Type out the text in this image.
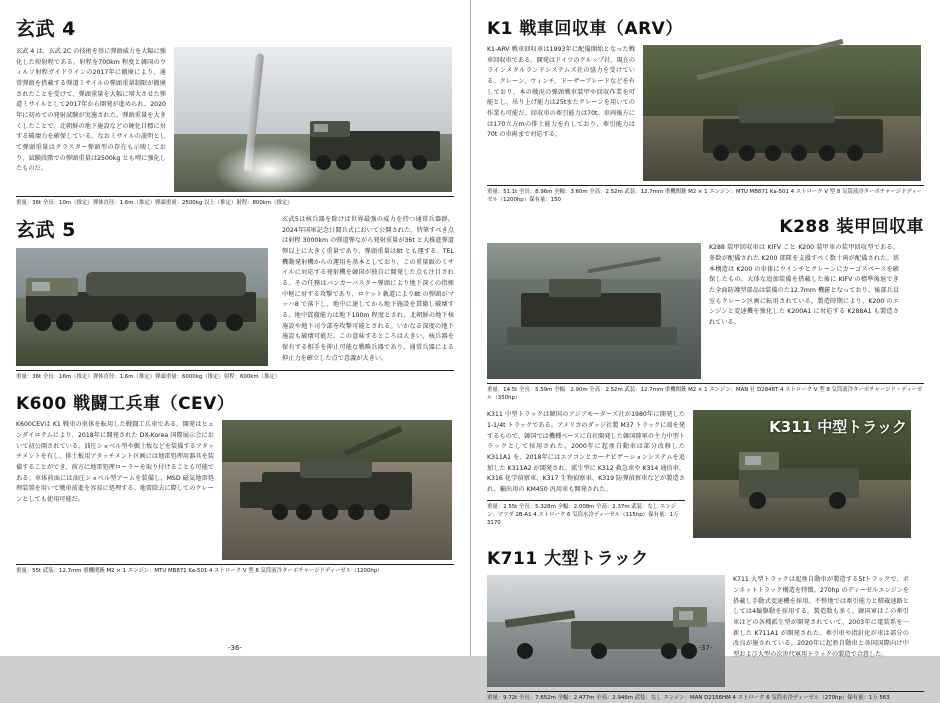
玄武 4
玄武 4 は、玄武 2C の技術を基に弾頭威力を大幅に強化した短射程である。射程を700km 程度と韓国のウィルソ射程ガイドラインの2017年に撤廃により、通常弾頭を搭載する弾道ミサイルの弾頭重量制限が撤廃されたことを受けて、弾頭重量を大幅に増大させた弾道ミサイルとして2017年から開発が進められ、2020年に初めての発射試験が実施された。弾頭重量を大きくしたことで、北朝鮮の地下施設などの硬化目標に対する破壊力を確保している。なおミサイルの説明として弾頭重量はクラスター弾頭型の存在も示唆しており、試験段階での弾頭重量は2500kg とも噂に強化したものだ。
重量：36t 全長：10m（推定）弾体直径：1.6m（推定）弾頭重量：2500kg 以上（推定）射程：800km（推定）
玄武 5	玄武5は核兵器を除けば世界最強の威力を持つ通常兵器群。2024年国軍記念日閲兵式において公開された。特筆すべき点は射程 3000km の弾道弾ながら発射重量が36t と大推進弾道弾以上に大きく重量であり、弾頭重量は8t とも運する。TEL 機動発射機からの運用を基本としており、この重量級のミサイルに対応する発射機を韓国が独自に開発した点も注目される。その任務はバンカーバスター弾頭により地下深くの指揮中枢に対する攻撃であり、ロケット軌道により8t の弾頭がマッハ8 で落下し、地中に達してから地下施設を貫徹し破壊する。地中貫徹能力は地下100m 程度とされ、北朝鮮の地下核施設や地下司令部を攻撃可能とされる。いかなる深度の地下施設も破壊可能だ。この意味するところは大きい、核兵器を保有する相手を抑止可能な戦略兵器であり、通常兵器による抑止力を確立した点で意義が大きい。
重量：36t 全長：16m（推定）弾体直径：1.6m（推定）弾頭重量：6000kg（推定）射程：600km（推定）
K600 戦闘工兵車（CEV）
K600CEVは K1 戦車の車体を転用した戦闘工兵車である。開発はヒュンダイロテムにより、2018年に開発された DX-Korea 国際展示会において初公開されている。油圧ショベル型や掘土板などを装備するアタッチメントを有し、排土板用アタッチメント区画には地雷処理用器具を装備することができ、前方に地雷処理ローラーを取り付けることも可能である。車体前面には油圧ショベル型アームを装備し、MSD 磁気地雷処理装置を用いて戦車前進を容易に処理する。地雷除去に際してのクレーンとしても使用可能だ。
重量：55t 武装：12.7mm 重機関銃 M2 × 1 エンジン：MTU MB871 Ka-501 4 ストローク V 型 8 気筒液冷ターボチャージドディーゼル（1200hp）
-36-
K1 戦車回収車（ARV）
K1-ARV 戦車回収車は1993年に配備開始となった戦車回収車である。開発はドイツのクルップ社、現在のラインメタルランドシステムズ社の協力を受けている。クレーン、ウィンチ、ドーザーブレードなどを有しており、本の戦況の弾頭戦車装甲や回収作業を可能とし、吊り上げ能力は25tまたクレーンを用いての作業も可能だ。回収車の牽引能力は70t。車両後方には170立方mの排土能力を有しており、牽引能力は70t の車両まで対応する。
重量：51.1t 全長：8.96m 全幅：3.60m 全高：2.52m 武装：12.7mm 重機関銃 M2 × 1 エンジン：MTU MB871 Ka-501 4 ストローク V 型 8 気筒液冷ターボチャージドディーゼル（1200hp）保有量：150
K288 装甲回収車
K288 装甲回収車は KIFV こと K200 装甲車の装甲回収型である。多数が配備された K200 部隊を支援すべく数十両が配備された。基本構造は K200 の車体にウインチとクレーンにカーゴスペースを確保したもの。大体な追加装備を搭載した後に KIFV の標準後退できた全面防護型部品は装備のた12.7mm 機銃となっており、後部兵員室もクレーン区画に転用されている。製造時期により、K200 のエンジンと変速機を強化した K200A1 に対応する K288A1 も製造されている。
重量：14.5t 全長：5.59m 全幅：2.90m 全高：2.52m 武装：12.7mm 重機関銃 M2 × 1 エンジン：MAN 社 D2848T 4 ストローク V 型 8 気筒液冷ターボチャージド・ディーゼル（350hp）
K311 中型トラックは韓国のアジアモーターズ社が1980年に開発した1-1/4t トラックである。アメリカのダッジ社製 M37 トラックに端を発するもので、韓国では機種ベースに自社開発した韓国陸軍の主力中型トラックとして採用された。2000年に起亜自動車は部分改修した K311A1 を、2018年にはエアコンとカーナビゲーションシステムを追加した K311A2 が開発され、派生型に K312 救急車や K314 通信車、K316 化学偵察車、K317 生物偵察車、K319 防弾偵察車などが製造され、輸出用の KM450 汎用車も開発された。
重量：2.55t 全長：5.328m 全幅：2.008m 全高：2.37m 武装：なし エンジン：マツダ 2B-A1 4 ストローク 6 気筒水冷ディーゼル（115hp）保有量：1万 3170
K311 中型トラック
K711 大型トラック
K711 大型トラックは起亜自動車が製造する5tトラックで、ボンネットトラック構造を特徴。270hp のディーゼルエンジンを搭載し手動式変速機を採用。不整地では牽引能力と積載速路としては4輪駆動を採用する。製造数も多く、韓国軍はこの牽引車はどの各種派生型が開発されていて、2003年に電装系を一新した K711A1 が開発された。牽引車や指針化が車は部分の改良が施されている。2020年に起亜自動車と各国国際向け中型および大型の次世代軍用トラックの製造で合意した。
重量：9.72t 全長：7.652m 全幅：2.477m 全高：2.946m 武装：なし エンジン：MAN D2156HM 4 ストローク 6 気筒水冷ディーゼル（270hp）保有量：1万 563
-37-
